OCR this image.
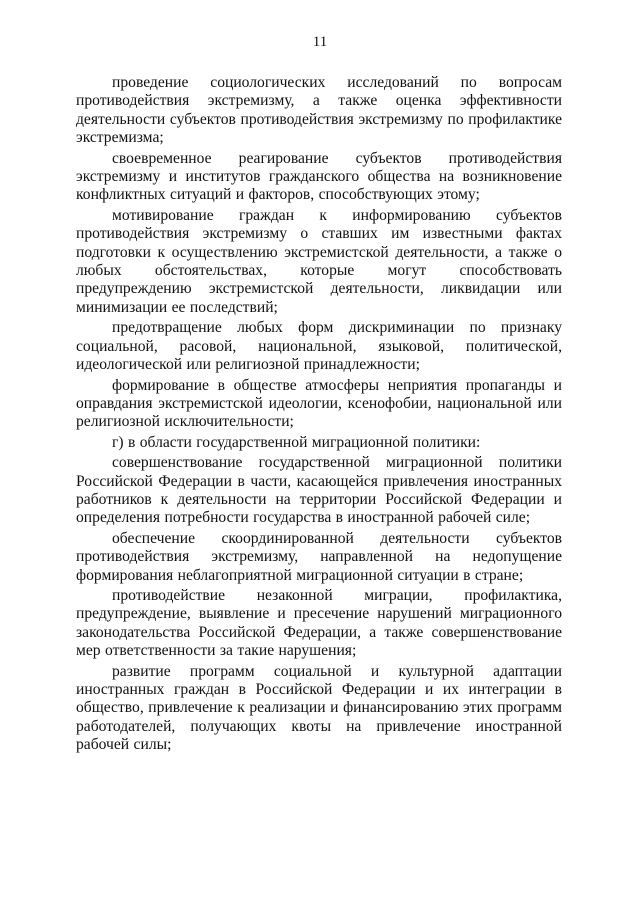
11

проведение социологических исследований по вопросам противодействия экстремизму, а также оценка эффективности деятельности субъектов противодействия экстремизму по профилактике экстремизма;

своевременное реагирование субъектов противодействия экстремизму и институтов гражданского общества на возникновение конфликтных ситуаций и факторов, способствующих этому;

мотивирование граждан к информированию субъектов противодействия экстремизму о ставших им известными фактах подготовки к осуществлению экстремистской деятельности, а также о любых обстоятельствах, которые могут способствовать предупреждению экстремистской деятельности, ликвидации или минимизации ее последствий;

предотвращение любых форм дискриминации по признаку социальной, расовой, национальной, языковой, политической, идеологической или религиозной принадлежности;

формирование в обществе атмосферы неприятия пропаганды и оправдания экстремистской идеологии, ксенофобии, национальной или религиозной исключительности;

г) в области государственной миграционной политики:

совершенствование государственной миграционной политики Российской Федерации в части, касающейся привлечения иностранных работников к деятельности на территории Российской Федерации и определения потребности государства в иностранной рабочей силе;

обеспечение скоординированной деятельности субъектов противодействия экстремизму, направленной на недопущение формирования неблагоприятной миграционной ситуации в стране;

противодействие незаконной миграции, профилактика, предупреждение, выявление и пресечение нарушений миграционного законодательства Российской Федерации, а также совершенствование мер ответственности за такие нарушения;

развитие программ социальной и культурной адаптации иностранных граждан в Российской Федерации и их интеграции в общество, привлечение к реализации и финансированию этих программ работодателей, получающих квоты на привлечение иностранной рабочей силы;
